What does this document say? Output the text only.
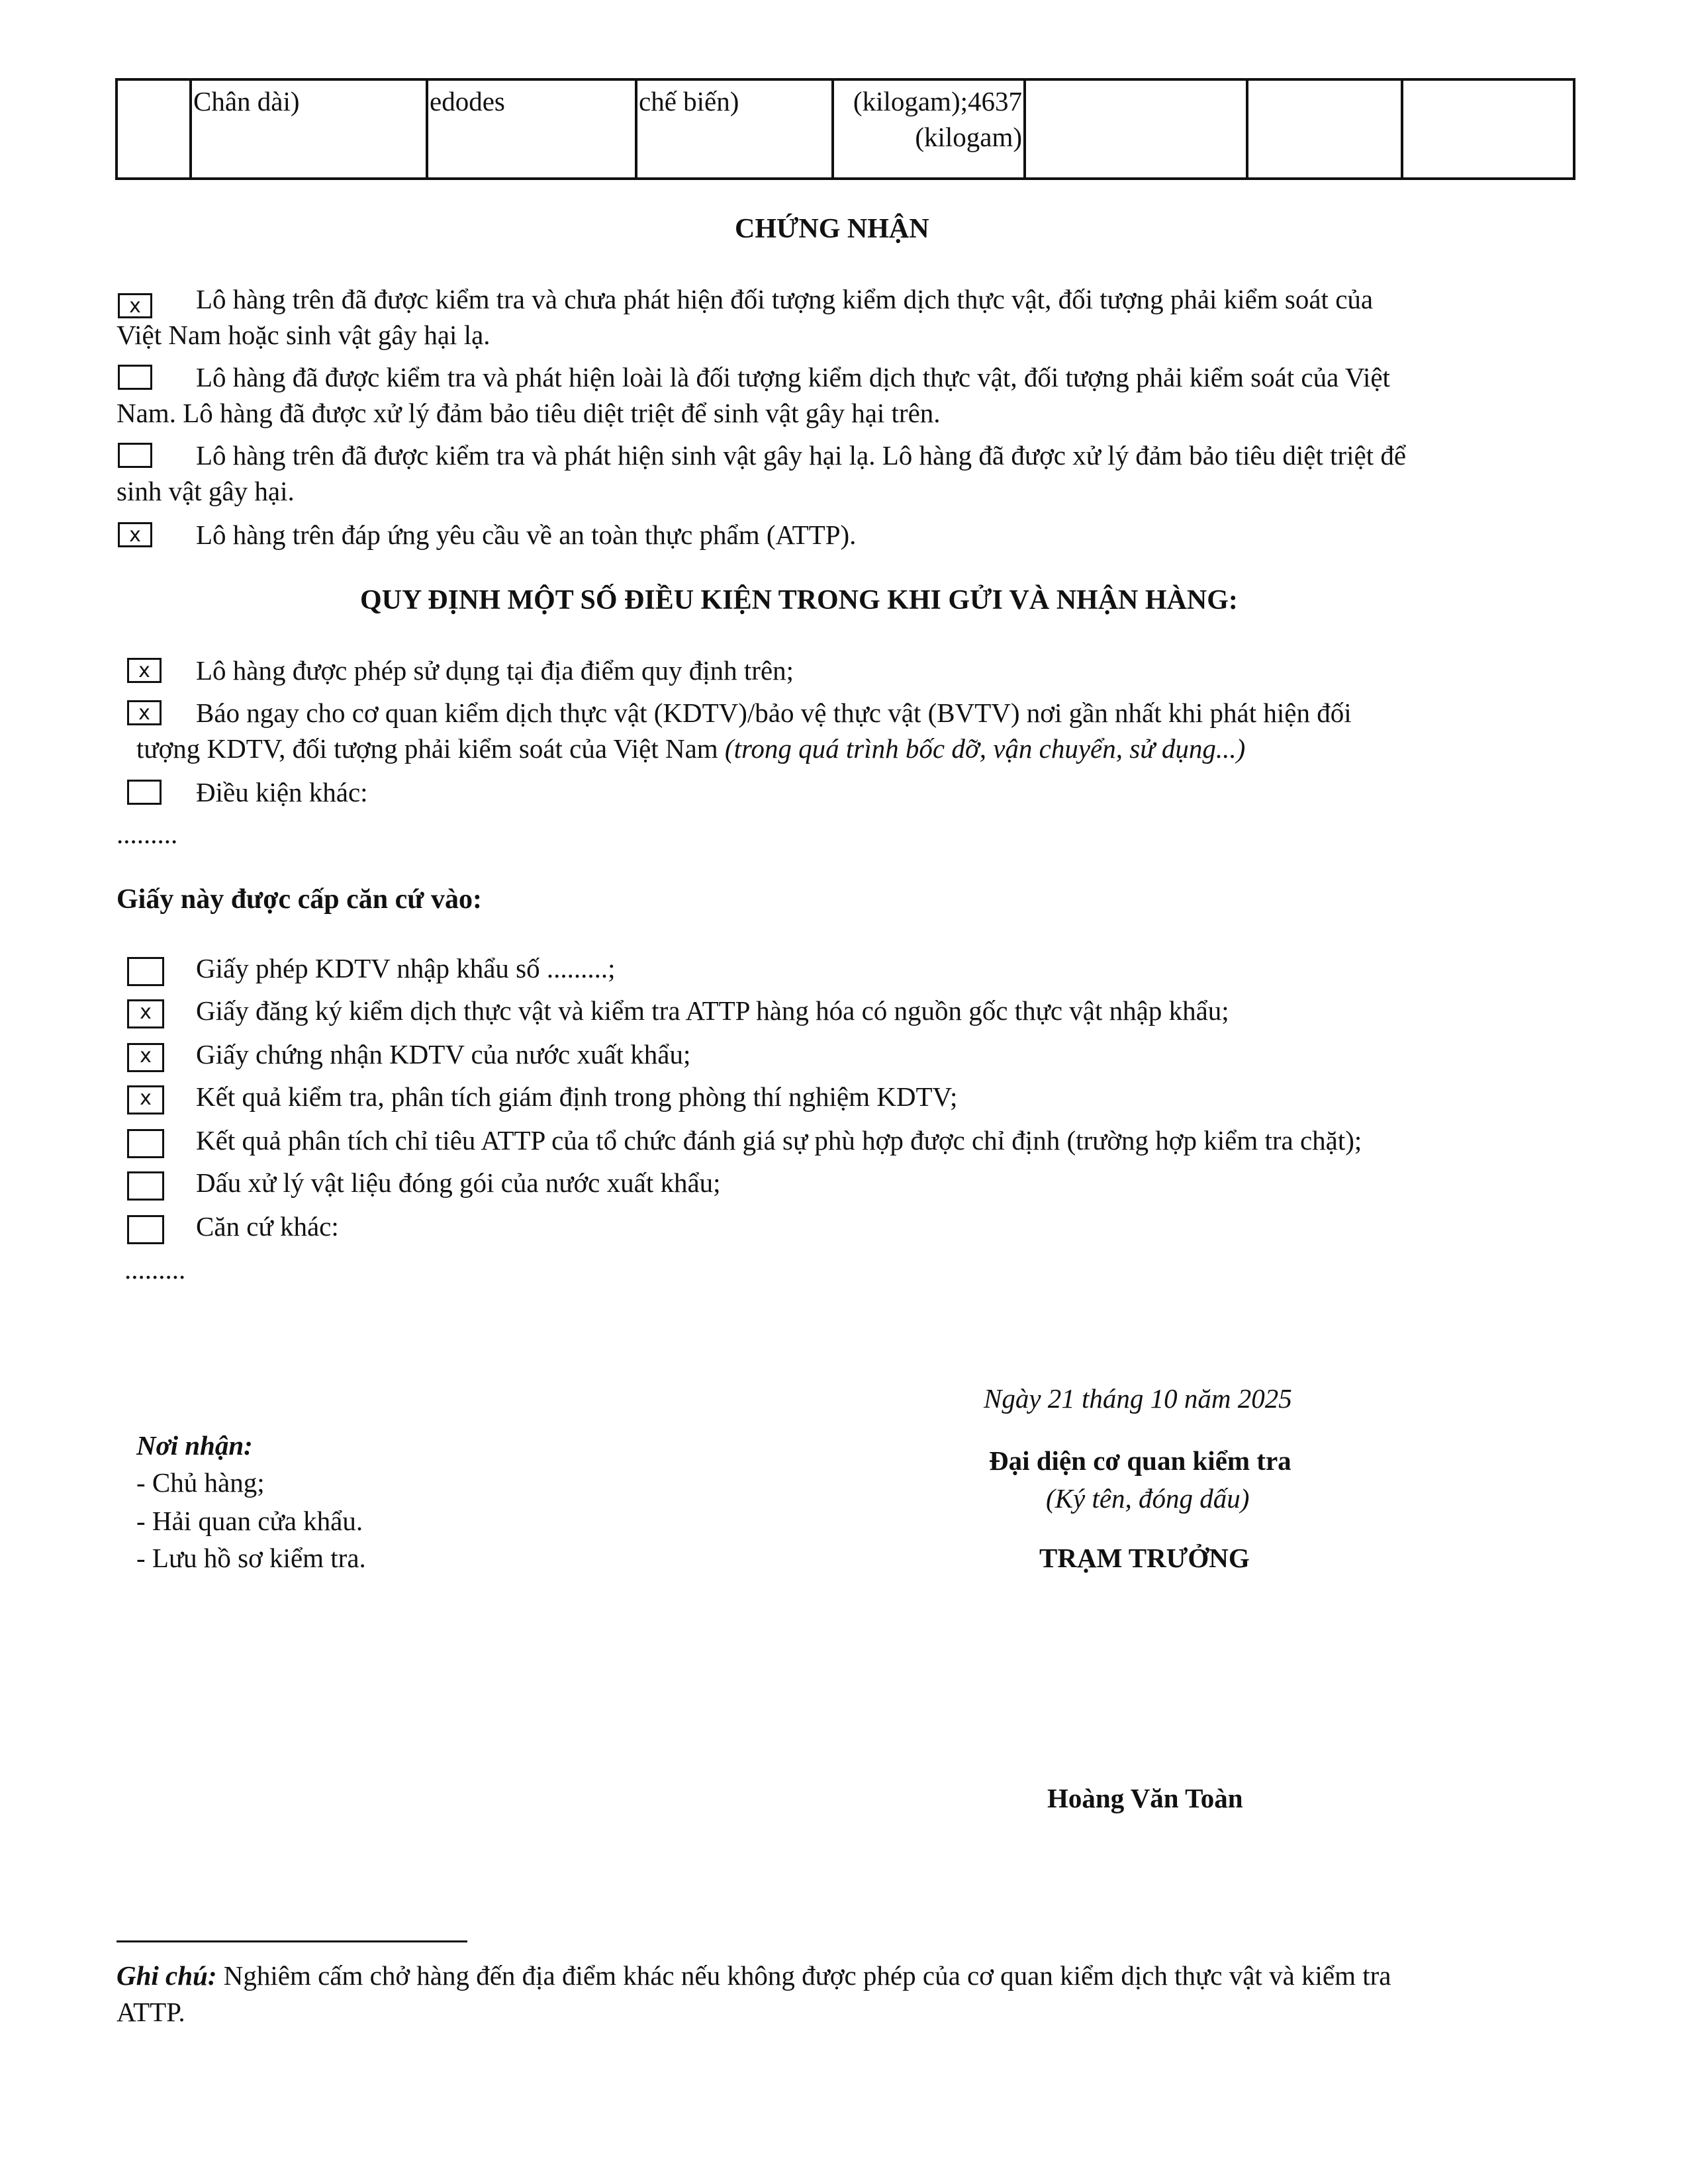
	Chân dài)	edodes	chế biến)	(kilogam);4637
(kilogam)

CHỨNG NHẬN
x	Lô hàng trên đã được kiểm tra và chưa phát hiện đối tượng kiểm dịch thực vật, đối tượng phải kiểm soát của
Việt Nam hoặc sinh vật gây hại lạ.
Lô hàng đã được kiểm tra và phát hiện loài là đối tượng kiểm dịch thực vật, đối tượng phải kiểm soát của Việt
Nam. Lô hàng đã được xử lý đảm bảo tiêu diệt triệt để sinh vật gây hại trên.
Lô hàng trên đã được kiểm tra và phát hiện sinh vật gây hại lạ. Lô hàng đã được xử lý đảm bảo tiêu diệt triệt để
sinh vật gây hại.
x	Lô hàng trên đáp ứng yêu cầu về an toàn thực phẩm (ATTP).
QUY ĐỊNH MỘT SỐ ĐIỀU KIỆN TRONG KHI GỬI VÀ NHẬN HÀNG:
x	Lô hàng được phép sử dụng tại địa điểm quy định trên;
x	Báo ngay cho cơ quan kiểm dịch thực vật (KDTV)/bảo vệ thực vật (BVTV) nơi gần nhất khi phát hiện đối
tượng KDTV, đối tượng phải kiểm soát của Việt Nam (trong quá trình bốc dỡ, vận chuyển, sử dụng...)
Điều kiện khác:
.........
Giấy này được cấp căn cứ vào:
Giấy phép KDTV nhập khẩu số .........;
x	Giấy đăng ký kiểm dịch thực vật và kiểm tra ATTP hàng hóa có nguồn gốc thực vật nhập khẩu;
x	Giấy chứng nhận KDTV của nước xuất khẩu;
x	Kết quả kiểm tra, phân tích giám định trong phòng thí nghiệm KDTV;
Kết quả phân tích chỉ tiêu ATTP của tổ chức đánh giá sự phù hợp được chỉ định (trường hợp kiểm tra chặt);
Dấu xử lý vật liệu đóng gói của nước xuất khẩu;
Căn cứ khác:
.........
Ngày 21 tháng 10 năm 2025
Đại diện cơ quan kiểm tra
(Ký tên, đóng dấu)
TRẠM TRƯỞNG
Hoàng Văn Toàn
Nơi nhận:
- Chủ hàng;
- Hải quan cửa khẩu.
- Lưu hồ sơ kiểm tra.
Ghi chú: Nghiêm cấm chở hàng đến địa điểm khác nếu không được phép của cơ quan kiểm dịch thực vật và kiểm tra
ATTP.
